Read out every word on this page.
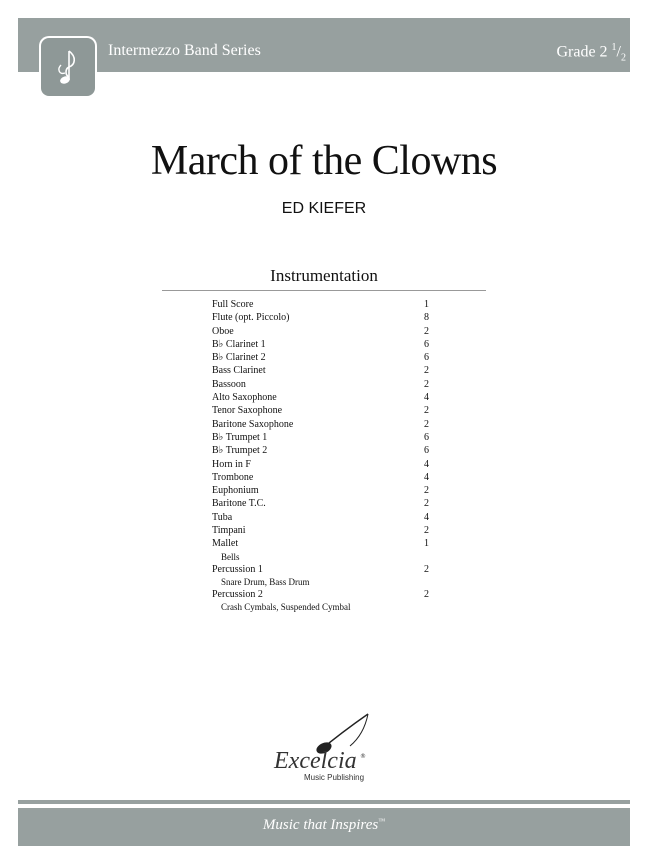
Intermezzo Band Series	Grade 2 $^1/_2$
March of the Clowns
ED KIEFER
Instrumentation
Full Score	1
Flute (opt. Piccolo)	8
Oboe	2
B♭ Clarinet 1	6
B♭ Clarinet 2	6
Bass Clarinet	2
Bassoon	2
Alto Saxophone	4
Tenor Saxophone	2
Baritone Saxophone	2
B♭ Trumpet 1	6
B♭ Trumpet 2	6
Horn in F	4
Trombone	4
Euphonium	2
Baritone T.C.	2
Tuba	4
Timpani	2
Mallet	1
Bells
Percussion 1	2
Snare Drum, Bass Drum
Percussion 2	2
Crash Cymbals, Suspended Cymbal
Excelcia ®
Music Publishing
Music that Inspires™
